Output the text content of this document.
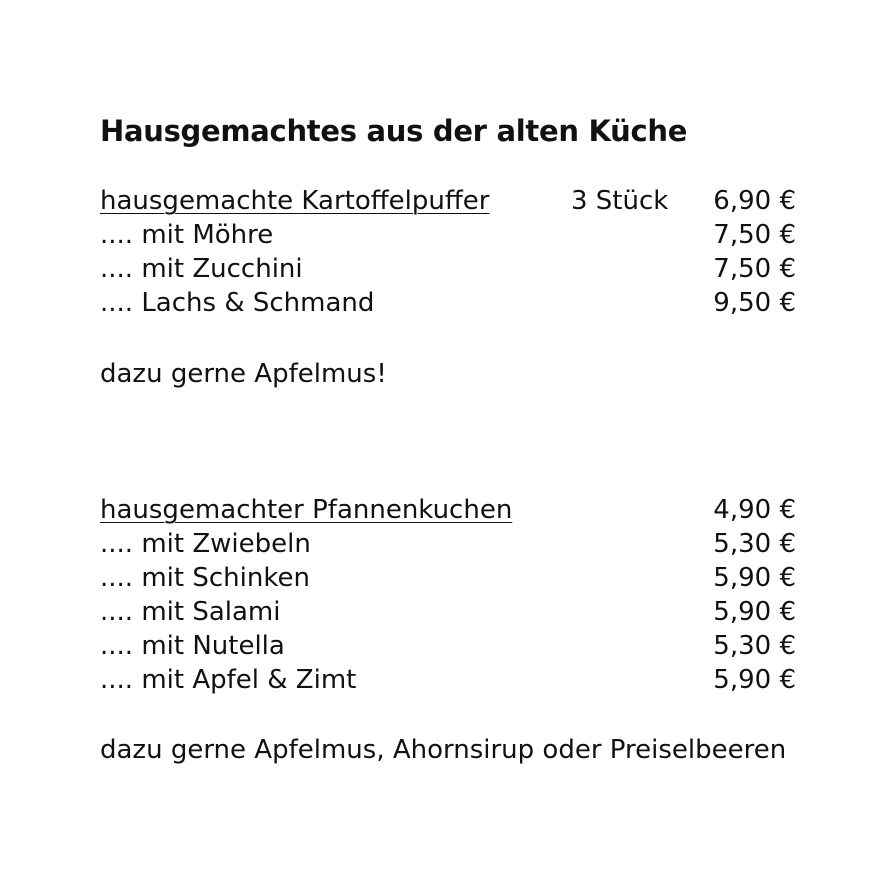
Hausgemachtes aus der alten Küche
hausgemachte Kartoffelpuffer	3 Stück 6,90 €
.... mit Möhre	7,50 €
.... mit Zucchini	7,50 €
.... Lachs & Schmand	9,50 €
dazu gerne Apfelmus!
hausgemachter Pfannenkuchen	4,90 €
.... mit Zwiebeln	5,30 €
.... mit Schinken	5,90 €
.... mit Salami	5,90 €
.... mit Nutella	5,30 €
.... mit Apfel & Zimt	5,90 €
dazu gerne Apfelmus, Ahornsirup oder Preiselbeeren
